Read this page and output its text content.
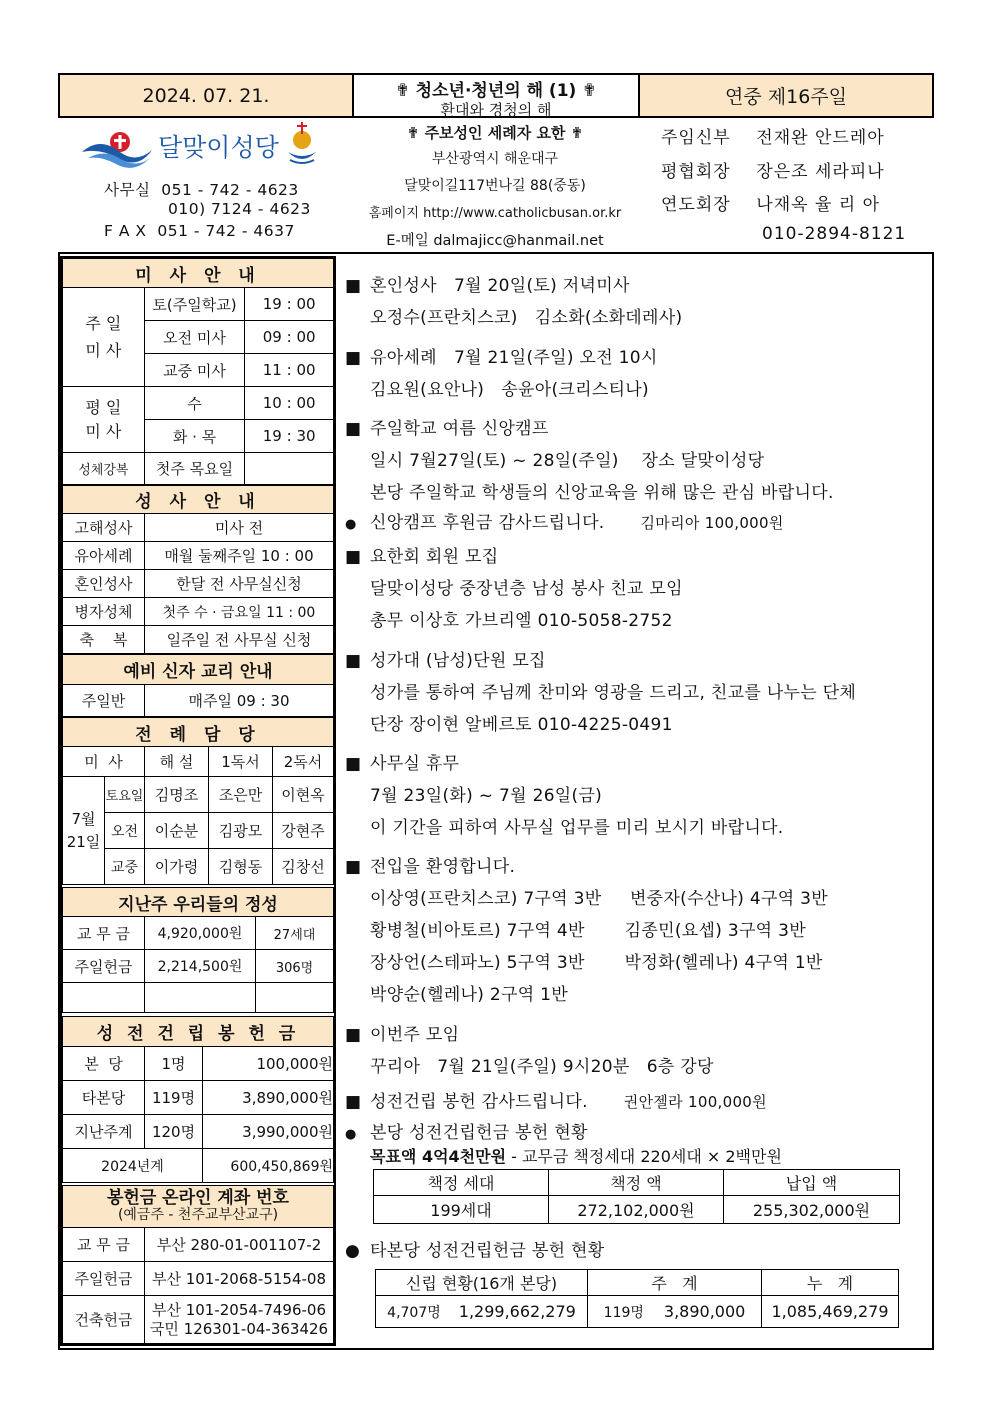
2024. 07. 21.	✟ 청소년·청년의 해 (1) ✟
환대와 경청의 해
연중 제16주일
달맞이성당
사무실  051 - 742 - 4623
010) 7124 - 4623
F A X  051 - 742 - 4637
✟ 주보성인 세례자 요한 ✟
부산광역시 해운대구
달맞이길117번나길 88(중동)
홈페이지 http://www.catholicbusan.or.kr
E-메일 dalmajicc@hanmail.net
주임신부    전재완 안드레아
평협회장    장은조 세라피나
연도회장    나재옥 율 리 아
010-2894-8121
미 사 안 내		
주 일
미 사	토(주일학교)	19 : 00
	오전 미사	09 : 00
	교중 미사	11 : 00
평 일
미 사	수	10 : 00
	화 · 목	19 : 30
성체강복	첫주 목요일	
성 사 안 내	
고해성사	미사 전
유아세례	매월 둘째주일 10 : 00
혼인성사	한달 전 사무실신청
병자성체	첫주 수 · 금요일 11 : 00
축    복	일주일 전 사무실 신청
예비 신자 교리 안내
주일반	매주일 09 : 30
전 례 담 당				
미  사		해 설	1독서	2독서
7월
21일	토요일	김명조	조은만	이현옥
	오전	이순분	김광모	강현주
	교중	이가령	김형동	김창선
지난주 우리들의 정성		
교 무 금	4,920,000원	27세대
주일헌금	2,214,500원	306명

성 전 건 립 봉 헌 금		
본  당	1명	100,000원
타본당	119명	3,890,000원
지난주계	120명	3,990,000원
2024년계		600,450,869원
봉헌금 온라인 계좌 번호
(예금주 - 천주교부산교구)	

교 무 금	부산 280-01-001107-2
주일헌금	부산 101-2068-5154-08
건축헌금	부산 101-2054-7496-06
국민 126301-04-363426
■ 혼인성사   7월 20일(토) 저녁미사
오정수(프란치스코)   김소화(소화데레사)
■ 유아세례   7월 21일(주일) 오전 10시
김요원(요안나)   송윤아(크리스티나)
■ 주일학교 여름 신앙캠프
일시 7월27일(토) ~ 28일(주일)    장소 달맞이성당
본당 주일학교 학생들의 신앙교육을 위해 많은 관심 바랍니다.
● 신앙캠프 후원금 감사드립니다. 김마리아 100,000원
■ 요한회 회원 모집
달맞이성당 중장년층 남성 봉사 친교 모임
총무 이상호 가브리엘 010-5058-2752
■ 성가대 (남성)단원 모집
성가를 통하여 주님께 찬미와 영광을 드리고, 친교를 나누는 단체
단장 장이현 알베르토 010-4225-0491
■ 사무실 휴무
7월 23일(화) ~ 7월 26일(금)
이 기간을 피하여 사무실 업무를 미리 보시기 바랍니다.
■ 전입을 환영합니다.
이상영(프란치스코) 7구역 3반     변중자(수산나) 4구역 3반
황병철(비아토르) 7구역 4반       김종민(요셉) 3구역 3반
장상언(스테파노) 5구역 3반       박정화(헬레나) 4구역 1반
박양순(헬레나) 2구역 1반
■ 이번주 모임
꾸리아   7월 21일(주일) 9시20분   6층 강당
■ 성전건립 봉헌 감사드립니다. 권안젤라 100,000원
● 본당 성전건립헌금 봉헌 현황
목표액 4억4천만원 - 교무금 책정세대 220세대 × 2백만원
책정 세대	책정 액	납입 액
199세대	272,102,000원	255,302,000원
● 타본당 성전건립헌금 봉헌 현황
신립 현황(16개 본당)	주   계	누   계
4,707명 1,299,662,279	119명 3,890,000	1,085,469,279
